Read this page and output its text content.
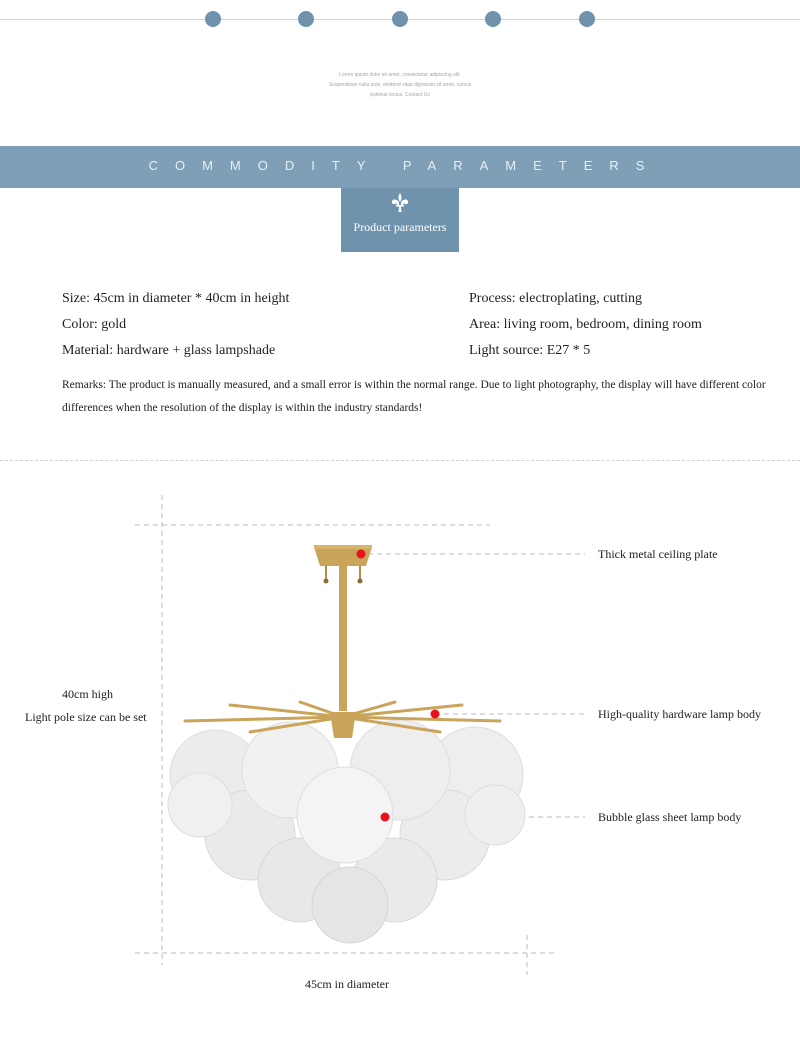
Lorem ipsum dolor sit amet, consectetur adipiscing elit.
Suspendisse nulla ante, eleifend vitae dignissim sit amet, cursus
pulvinar lectus. Contact Us
COMMODITY PARAMETERS
Product parameters
Size: 45cm in diameter * 40cm in height
Color: gold
Material: hardware + glass lampshade
Process: electroplating, cutting
Area: living room, bedroom, dining room
Light source: E27 * 5
Remarks: The product is manually measured, and a small error is within the normal range. Due to light photography, the display will have different color differences when the resolution of the display is within the industry standards!
40cm high
Light pole size can be set
45cm in diameter
Thick metal ceiling plate
High-quality hardware lamp body
Bubble glass sheet lamp body
